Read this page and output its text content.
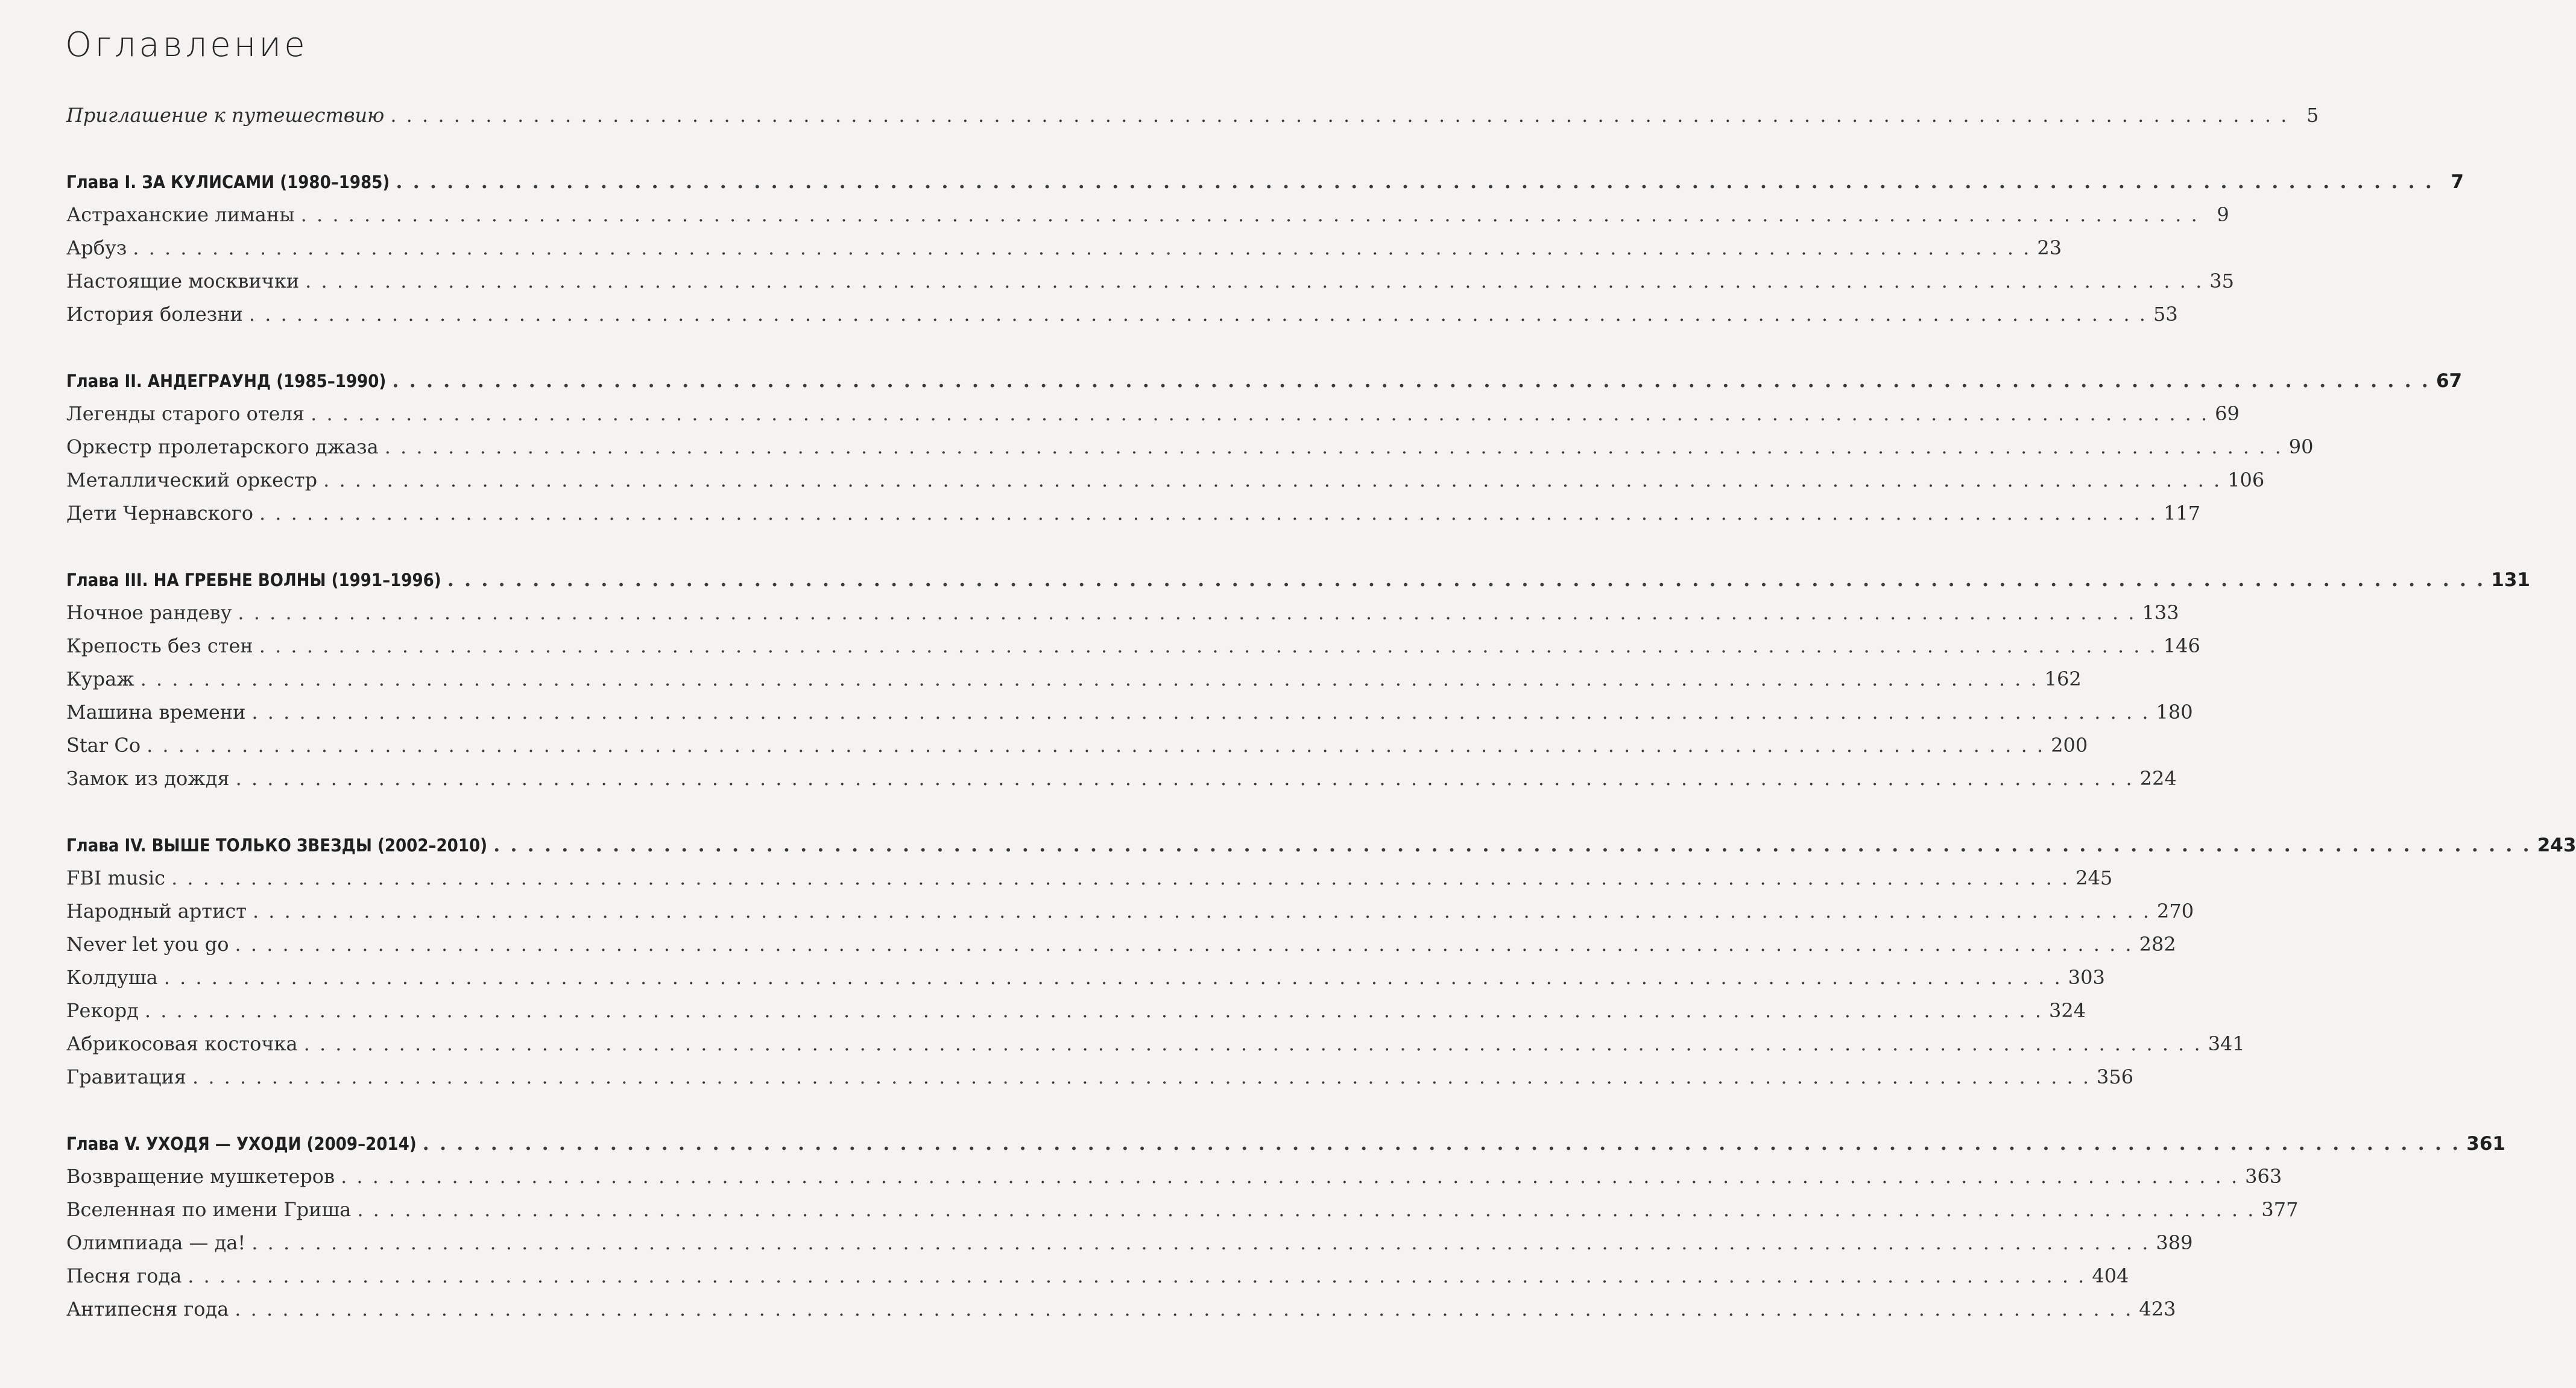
Оглавление
Приглашение к путешествию . . . . . . . . . . . . . . . . . . . . . . . . . . . . . . . . . . . . . . . . . . . . . . . . . . . . . . . . . . . . . . . . . . . . . . . . . . . . . . . . . . . . . . . . . . . . . . . . . . . . . . . . . . . . . . . . . . . . . . . . 5
Глава I. ЗА КУЛИСАМИ (1980–1985) . . . . . . . . . . . . . . . . . . . . . . . . . . . . . . . . . . . . . . . . . . . . . . . . . . . . . . . . . . . . . . . . . . . . . . . . . . . . . . . . . . . . . . . . . . . . . . . . . . . . . . . . . . . . . . . . . . . . . . . . 7
Астраханские лиманы . . . . . . . . . . . . . . . . . . . . . . . . . . . . . . . . . . . . . . . . . . . . . . . . . . . . . . . . . . . . . . . . . . . . . . . . . . . . . . . . . . . . . . . . . . . . . . . . . . . . . . . . . . . . . . . . . . . . . . . . 9
Арбуз . . . . . . . . . . . . . . . . . . . . . . . . . . . . . . . . . . . . . . . . . . . . . . . . . . . . . . . . . . . . . . . . . . . . . . . . . . . . . . . . . . . . . . . . . . . . . . . . . . . . . . . . . . . . . . . . . . . . . . . . 23
Настоящие москвички . . . . . . . . . . . . . . . . . . . . . . . . . . . . . . . . . . . . . . . . . . . . . . . . . . . . . . . . . . . . . . . . . . . . . . . . . . . . . . . . . . . . . . . . . . . . . . . . . . . . . . . . . . . . . . . . . . . . . . . . 35
История болезни . . . . . . . . . . . . . . . . . . . . . . . . . . . . . . . . . . . . . . . . . . . . . . . . . . . . . . . . . . . . . . . . . . . . . . . . . . . . . . . . . . . . . . . . . . . . . . . . . . . . . . . . . . . . . . . . . . . . . . . . 53
Глава II. АНДЕГРАУНД (1985–1990) . . . . . . . . . . . . . . . . . . . . . . . . . . . . . . . . . . . . . . . . . . . . . . . . . . . . . . . . . . . . . . . . . . . . . . . . . . . . . . . . . . . . . . . . . . . . . . . . . . . . . . . . . . . . . . . . . . . . . . . . 67
Легенды старого отеля . . . . . . . . . . . . . . . . . . . . . . . . . . . . . . . . . . . . . . . . . . . . . . . . . . . . . . . . . . . . . . . . . . . . . . . . . . . . . . . . . . . . . . . . . . . . . . . . . . . . . . . . . . . . . . . . . . . . . . . . 69
Оркестр пролетарского джаза . . . . . . . . . . . . . . . . . . . . . . . . . . . . . . . . . . . . . . . . . . . . . . . . . . . . . . . . . . . . . . . . . . . . . . . . . . . . . . . . . . . . . . . . . . . . . . . . . . . . . . . . . . . . . . . . . . . . . . . . 90
Металлический оркестр . . . . . . . . . . . . . . . . . . . . . . . . . . . . . . . . . . . . . . . . . . . . . . . . . . . . . . . . . . . . . . . . . . . . . . . . . . . . . . . . . . . . . . . . . . . . . . . . . . . . . . . . . . . . . . . . . . . . . . . . 106
Дети Чернавского . . . . . . . . . . . . . . . . . . . . . . . . . . . . . . . . . . . . . . . . . . . . . . . . . . . . . . . . . . . . . . . . . . . . . . . . . . . . . . . . . . . . . . . . . . . . . . . . . . . . . . . . . . . . . . . . . . . . . . . . 117
Глава III. НА ГРЕБНЕ ВОЛНЫ (1991–1996) . . . . . . . . . . . . . . . . . . . . . . . . . . . . . . . . . . . . . . . . . . . . . . . . . . . . . . . . . . . . . . . . . . . . . . . . . . . . . . . . . . . . . . . . . . . . . . . . . . . . . . . . . . . . . . . . . . . . . . . . 131
Ночное рандеву . . . . . . . . . . . . . . . . . . . . . . . . . . . . . . . . . . . . . . . . . . . . . . . . . . . . . . . . . . . . . . . . . . . . . . . . . . . . . . . . . . . . . . . . . . . . . . . . . . . . . . . . . . . . . . . . . . . . . . . . 133
Крепость без стен . . . . . . . . . . . . . . . . . . . . . . . . . . . . . . . . . . . . . . . . . . . . . . . . . . . . . . . . . . . . . . . . . . . . . . . . . . . . . . . . . . . . . . . . . . . . . . . . . . . . . . . . . . . . . . . . . . . . . . . . 146
Кураж . . . . . . . . . . . . . . . . . . . . . . . . . . . . . . . . . . . . . . . . . . . . . . . . . . . . . . . . . . . . . . . . . . . . . . . . . . . . . . . . . . . . . . . . . . . . . . . . . . . . . . . . . . . . . . . . . . . . . . . . 162
Машина времени . . . . . . . . . . . . . . . . . . . . . . . . . . . . . . . . . . . . . . . . . . . . . . . . . . . . . . . . . . . . . . . . . . . . . . . . . . . . . . . . . . . . . . . . . . . . . . . . . . . . . . . . . . . . . . . . . . . . . . . . 180
Star Co . . . . . . . . . . . . . . . . . . . . . . . . . . . . . . . . . . . . . . . . . . . . . . . . . . . . . . . . . . . . . . . . . . . . . . . . . . . . . . . . . . . . . . . . . . . . . . . . . . . . . . . . . . . . . . . . . . . . . . . . 200
Замок из дождя . . . . . . . . . . . . . . . . . . . . . . . . . . . . . . . . . . . . . . . . . . . . . . . . . . . . . . . . . . . . . . . . . . . . . . . . . . . . . . . . . . . . . . . . . . . . . . . . . . . . . . . . . . . . . . . . . . . . . . . . 224
Глава IV. ВЫШЕ ТОЛЬКО ЗВЕЗДЫ (2002–2010) . . . . . . . . . . . . . . . . . . . . . . . . . . . . . . . . . . . . . . . . . . . . . . . . . . . . . . . . . . . . . . . . . . . . . . . . . . . . . . . . . . . . . . . . . . . . . . . . . . . . . . . . . . . . . . . . . . . . . . . . 243
FBI music . . . . . . . . . . . . . . . . . . . . . . . . . . . . . . . . . . . . . . . . . . . . . . . . . . . . . . . . . . . . . . . . . . . . . . . . . . . . . . . . . . . . . . . . . . . . . . . . . . . . . . . . . . . . . . . . . . . . . . . . 245
Народный артист . . . . . . . . . . . . . . . . . . . . . . . . . . . . . . . . . . . . . . . . . . . . . . . . . . . . . . . . . . . . . . . . . . . . . . . . . . . . . . . . . . . . . . . . . . . . . . . . . . . . . . . . . . . . . . . . . . . . . . . . 270
Never let you go . . . . . . . . . . . . . . . . . . . . . . . . . . . . . . . . . . . . . . . . . . . . . . . . . . . . . . . . . . . . . . . . . . . . . . . . . . . . . . . . . . . . . . . . . . . . . . . . . . . . . . . . . . . . . . . . . . . . . . . . 282
Колдуша . . . . . . . . . . . . . . . . . . . . . . . . . . . . . . . . . . . . . . . . . . . . . . . . . . . . . . . . . . . . . . . . . . . . . . . . . . . . . . . . . . . . . . . . . . . . . . . . . . . . . . . . . . . . . . . . . . . . . . . . 303
Рекорд . . . . . . . . . . . . . . . . . . . . . . . . . . . . . . . . . . . . . . . . . . . . . . . . . . . . . . . . . . . . . . . . . . . . . . . . . . . . . . . . . . . . . . . . . . . . . . . . . . . . . . . . . . . . . . . . . . . . . . . . 324
Абрикосовая косточка . . . . . . . . . . . . . . . . . . . . . . . . . . . . . . . . . . . . . . . . . . . . . . . . . . . . . . . . . . . . . . . . . . . . . . . . . . . . . . . . . . . . . . . . . . . . . . . . . . . . . . . . . . . . . . . . . . . . . . . . 341
Гравитация . . . . . . . . . . . . . . . . . . . . . . . . . . . . . . . . . . . . . . . . . . . . . . . . . . . . . . . . . . . . . . . . . . . . . . . . . . . . . . . . . . . . . . . . . . . . . . . . . . . . . . . . . . . . . . . . . . . . . . . . 356
Глава V. УХОДЯ — УХОДИ (2009–2014) . . . . . . . . . . . . . . . . . . . . . . . . . . . . . . . . . . . . . . . . . . . . . . . . . . . . . . . . . . . . . . . . . . . . . . . . . . . . . . . . . . . . . . . . . . . . . . . . . . . . . . . . . . . . . . . . . . . . . . . . 361
Возвращение мушкетеров . . . . . . . . . . . . . . . . . . . . . . . . . . . . . . . . . . . . . . . . . . . . . . . . . . . . . . . . . . . . . . . . . . . . . . . . . . . . . . . . . . . . . . . . . . . . . . . . . . . . . . . . . . . . . . . . . . . . . . . . 363
Вселенная по имени Гриша . . . . . . . . . . . . . . . . . . . . . . . . . . . . . . . . . . . . . . . . . . . . . . . . . . . . . . . . . . . . . . . . . . . . . . . . . . . . . . . . . . . . . . . . . . . . . . . . . . . . . . . . . . . . . . . . . . . . . . . . 377
Олимпиада — да! . . . . . . . . . . . . . . . . . . . . . . . . . . . . . . . . . . . . . . . . . . . . . . . . . . . . . . . . . . . . . . . . . . . . . . . . . . . . . . . . . . . . . . . . . . . . . . . . . . . . . . . . . . . . . . . . . . . . . . . . 389
Песня года . . . . . . . . . . . . . . . . . . . . . . . . . . . . . . . . . . . . . . . . . . . . . . . . . . . . . . . . . . . . . . . . . . . . . . . . . . . . . . . . . . . . . . . . . . . . . . . . . . . . . . . . . . . . . . . . . . . . . . . . 404
Антипесня года . . . . . . . . . . . . . . . . . . . . . . . . . . . . . . . . . . . . . . . . . . . . . . . . . . . . . . . . . . . . . . . . . . . . . . . . . . . . . . . . . . . . . . . . . . . . . . . . . . . . . . . . . . . . . . . . . . . . . . . . 423
